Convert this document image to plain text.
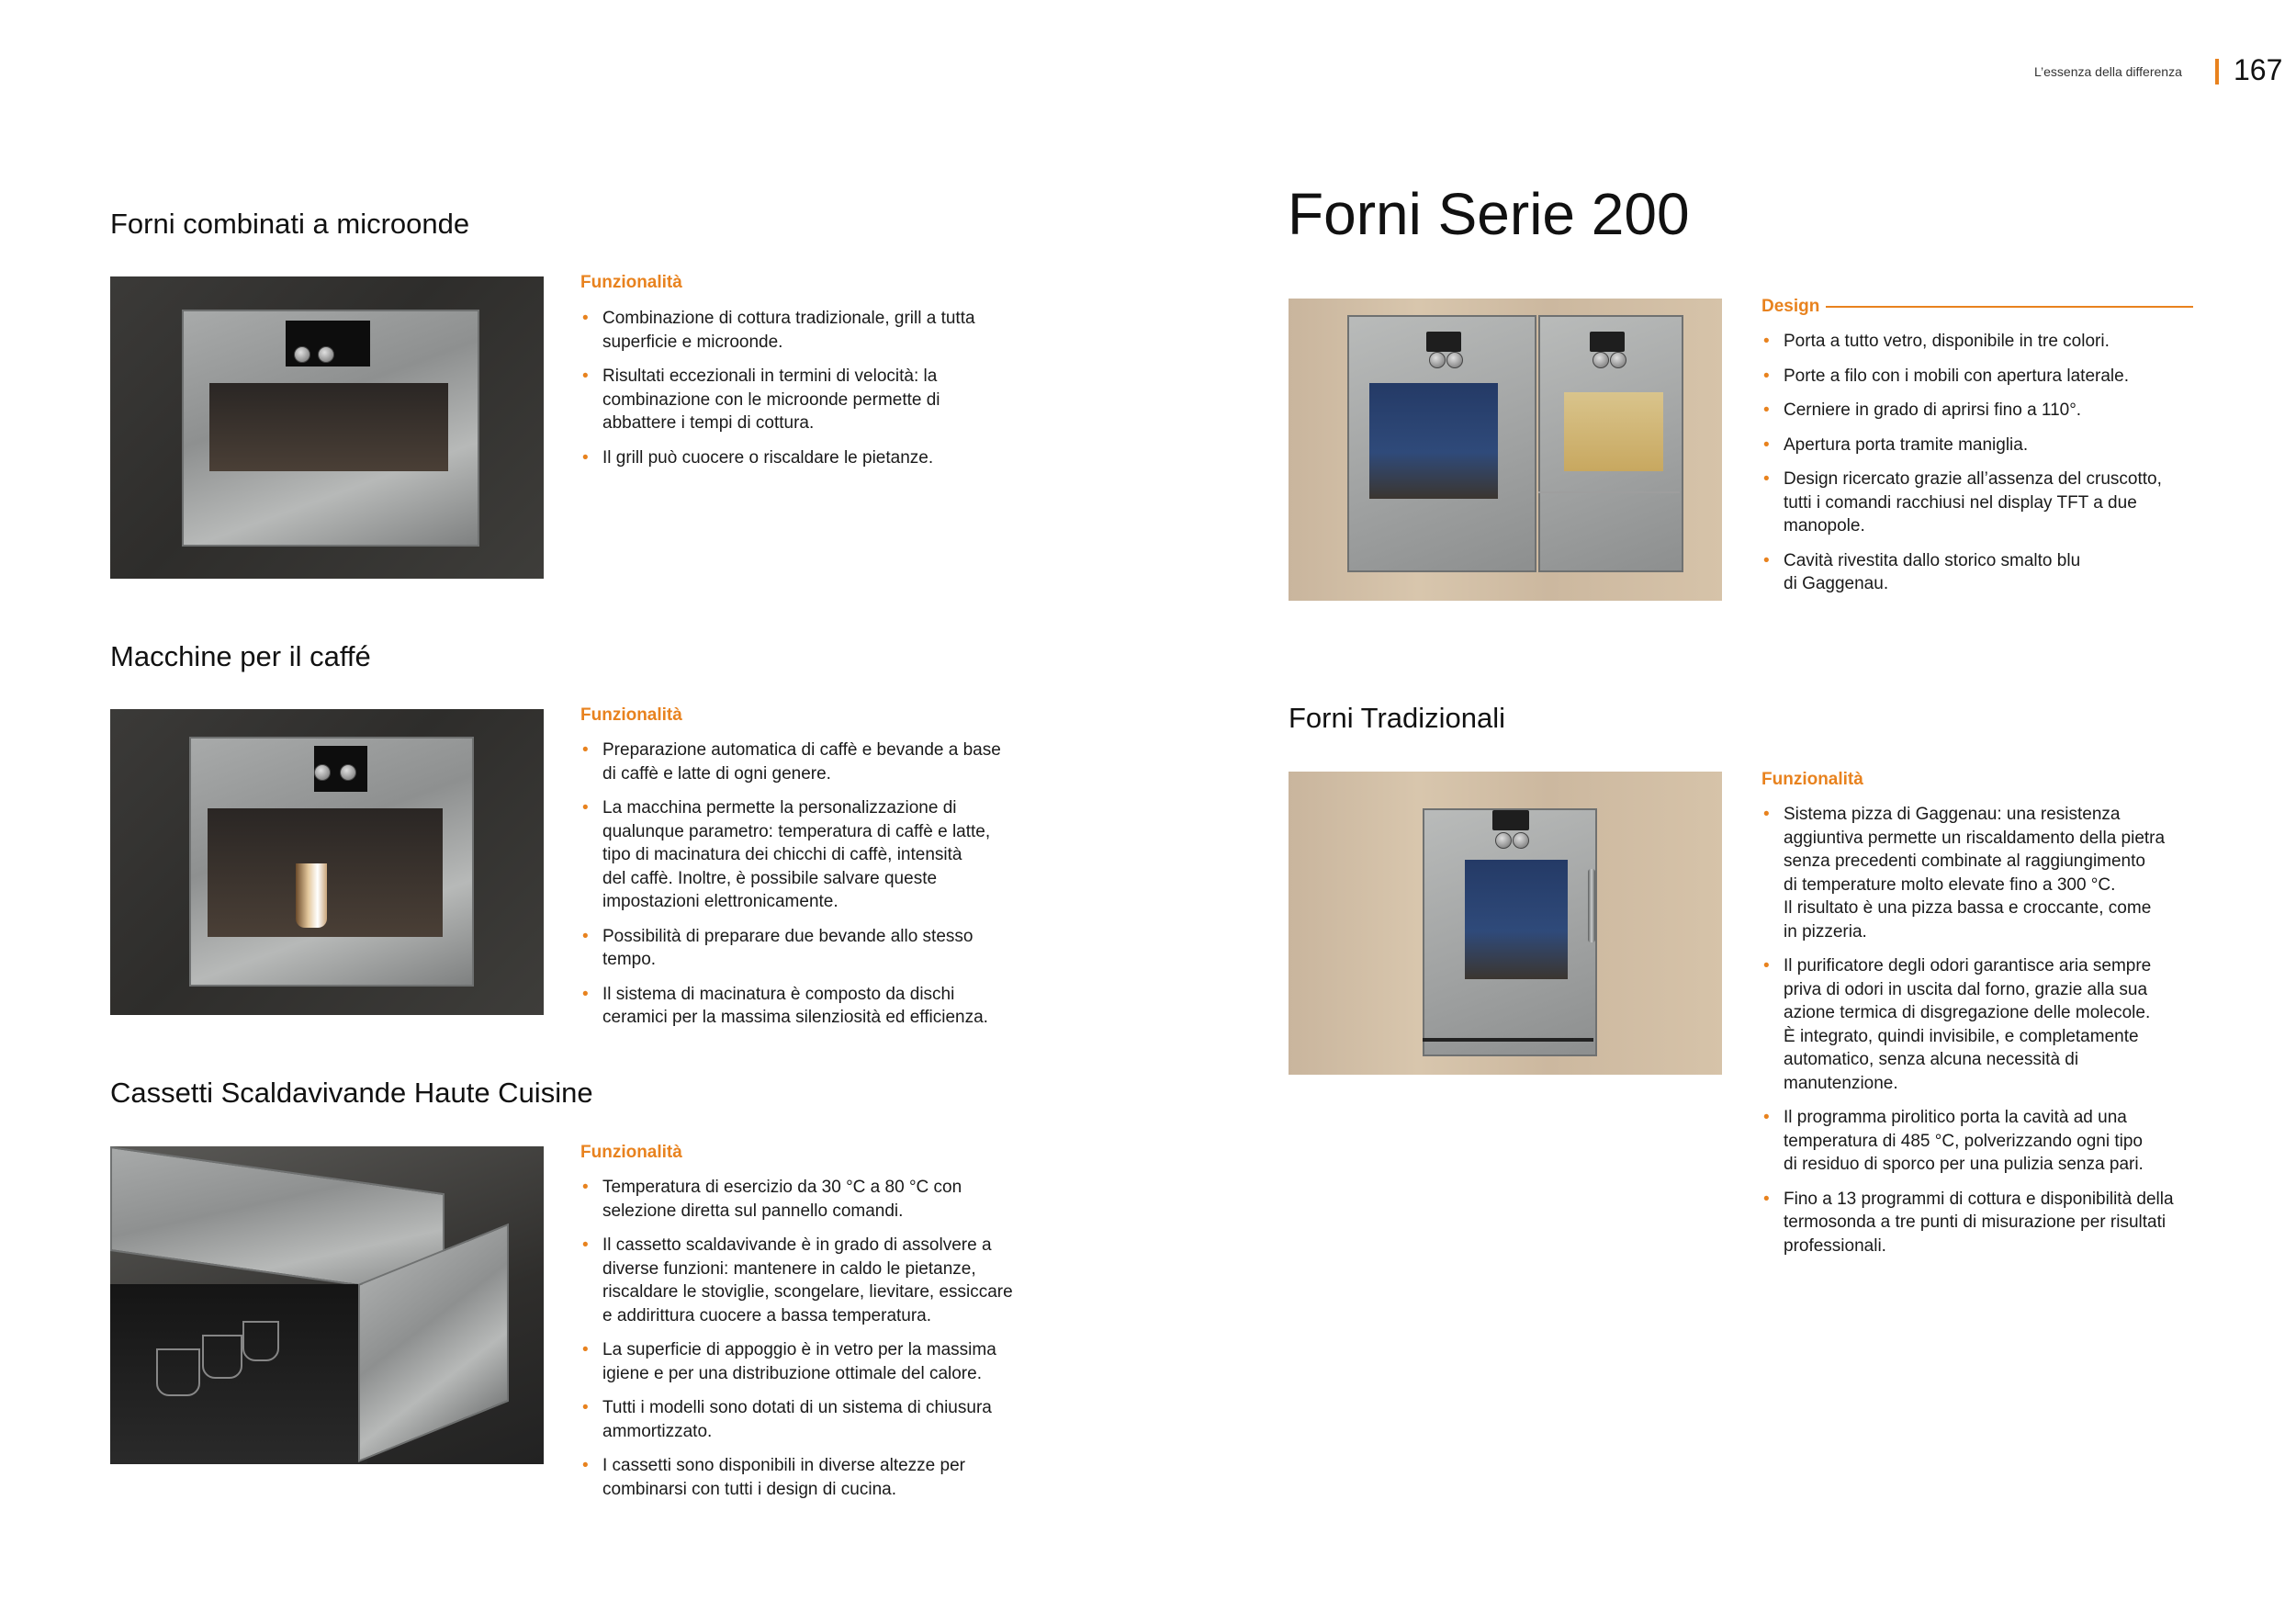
L’essenza della differenza 167
Forni combinati a microonde
Funzionalità
• Combinazione di cottura tradizionale, grill a tutta
superficie e microonde.
• Risultati eccezionali in termini di velocità: la
combinazione con le microonde permette di
abbattere i tempi di cottura.
• Il grill può cuocere o riscaldare le pietanze.
Macchine per il caffé
Funzionalità
• Preparazione automatica di caffè e bevande a base
di caffè e latte di ogni genere.
• La macchina permette la personalizzazione di
qualunque parametro: temperatura di caffè e latte,
tipo di macinatura dei chicchi di caffè, intensità
del caffè. Inoltre, è possibile salvare queste
impostazioni elettronicamente.
• Possibilità di preparare due bevande allo stesso
tempo.
• Il sistema di macinatura è composto da dischi
ceramici per la massima silenziosità ed efficienza.
Cassetti Scaldavivande Haute Cuisine
Funzionalità
• Temperatura di esercizio da 30 °C a 80 °C con
selezione diretta sul pannello comandi.
• Il cassetto scaldavivande è in grado di assolvere a
diverse funzioni: mantenere in caldo le pietanze,
riscaldare le stoviglie, scongelare, lievitare, essiccare
e addirittura cuocere a bassa temperatura.
• La superficie di appoggio è in vetro per la massima
igiene e per una distribuzione ottimale del calore.
• Tutti i modelli sono dotati di un sistema di chiusura
ammortizzato.
• I cassetti sono disponibili in diverse altezze per
combinarsi con tutti i design di cucina.
Forni Serie 200
Design
• Porta a tutto vetro, disponibile in tre colori.
• Porte a filo con i mobili con apertura laterale.
• Cerniere in grado di aprirsi fino a 110°.
• Apertura porta tramite maniglia.
• Design ricercato grazie all’assenza del cruscotto,
tutti i comandi racchiusi nel display TFT a due
manopole.
• Cavità rivestita dallo storico smalto blu
di Gaggenau.
Forni Tradizionali
Funzionalità
• Sistema pizza di Gaggenau: una resistenza
aggiuntiva permette un riscaldamento della pietra
senza precedenti combinate al raggiungimento
di temperature molto elevate fino a 300 °C.
Il risultato è una pizza bassa e croccante, come
in pizzeria.
• Il purificatore degli odori garantisce aria sempre
priva di odori in uscita dal forno, grazie alla sua
azione termica di disgregazione delle molecole.
È integrato, quindi invisibile, e completamente
automatico, senza alcuna necessità di
manutenzione.
• Il programma pirolitico porta la cavità ad una
temperatura di 485 °C, polverizzando ogni tipo
di residuo di sporco per una pulizia senza pari.
• Fino a 13 programmi di cottura e disponibilità della
termosonda a tre punti di misurazione per risultati
professionali.
